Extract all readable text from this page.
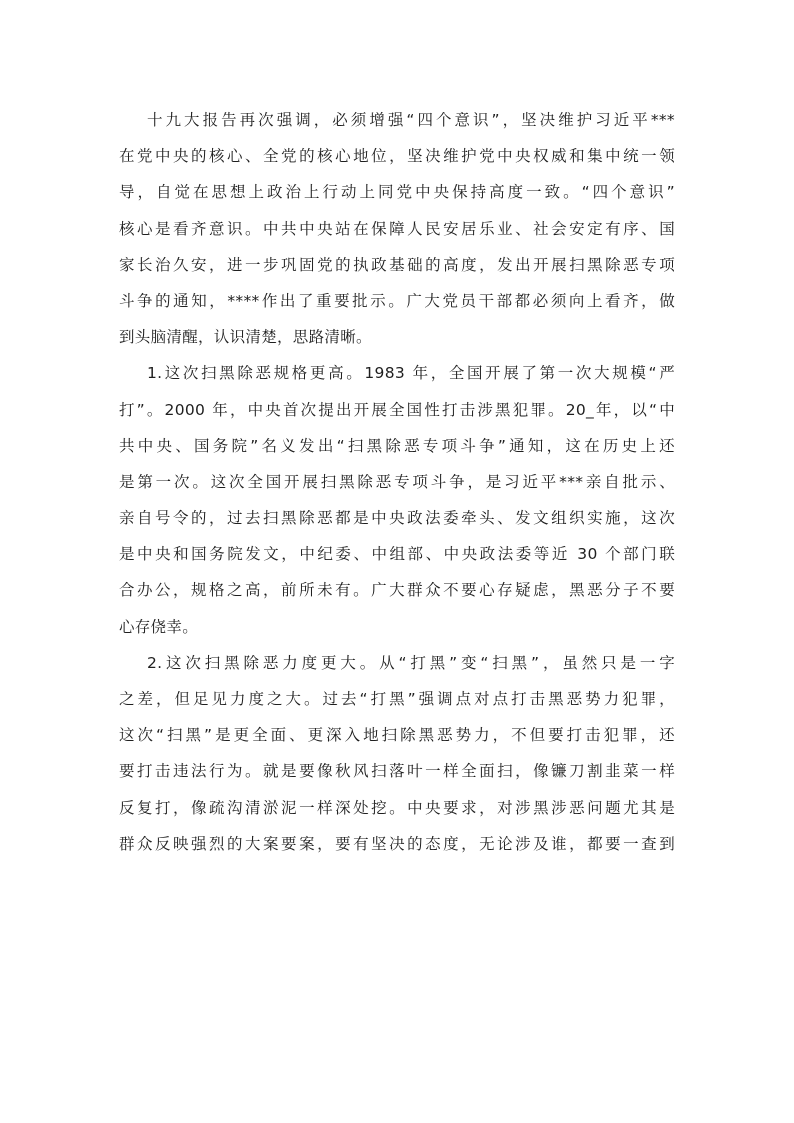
十九大报告再次强调，必须增强“四个意识”，坚决维护习近平***
在党中央的核心、全党的核心地位，坚决维护党中央权威和集中统一领
导，自觉在思想上政治上行动上同党中央保持高度一致。“四个意识”
核心是看齐意识。中共中央站在保障人民安居乐业、社会安定有序、国
家长治久安，进一步巩固党的执政基础的高度，发出开展扫黑除恶专项
斗争的通知，****作出了重要批示。广大党员干部都必须向上看齐，做
到头脑清醒，认识清楚，思路清晰。
1.这次扫黑除恶规格更高。1983 年，全国开展了第一次大规模“严
打”。2000 年，中央首次提出开展全国性打击涉黑犯罪。20_年，以“中
共中央、国务院”名义发出“扫黑除恶专项斗争”通知，这在历史上还
是第一次。这次全国开展扫黑除恶专项斗争，是习近平***亲自批示、
亲自号令的，过去扫黑除恶都是中央政法委牵头、发文组织实施，这次
是中央和国务院发文，中纪委、中组部、中央政法委等近 30 个部门联
合办公，规格之高，前所未有。广大群众不要心存疑虑，黑恶分子不要
心存侥幸。
2.这次扫黑除恶力度更大。从“打黑”变“扫黑”，虽然只是一字
之差，但足见力度之大。过去“打黑”强调点对点打击黑恶势力犯罪，
这次“扫黑”是更全面、更深入地扫除黑恶势力，不但要打击犯罪，还
要打击违法行为。就是要像秋风扫落叶一样全面扫，像镰刀割韭菜一样
反复打，像疏沟清淤泥一样深处挖。中央要求，对涉黑涉恶问题尤其是
群众反映强烈的大案要案，要有坚决的态度，无论涉及谁，都要一查到
